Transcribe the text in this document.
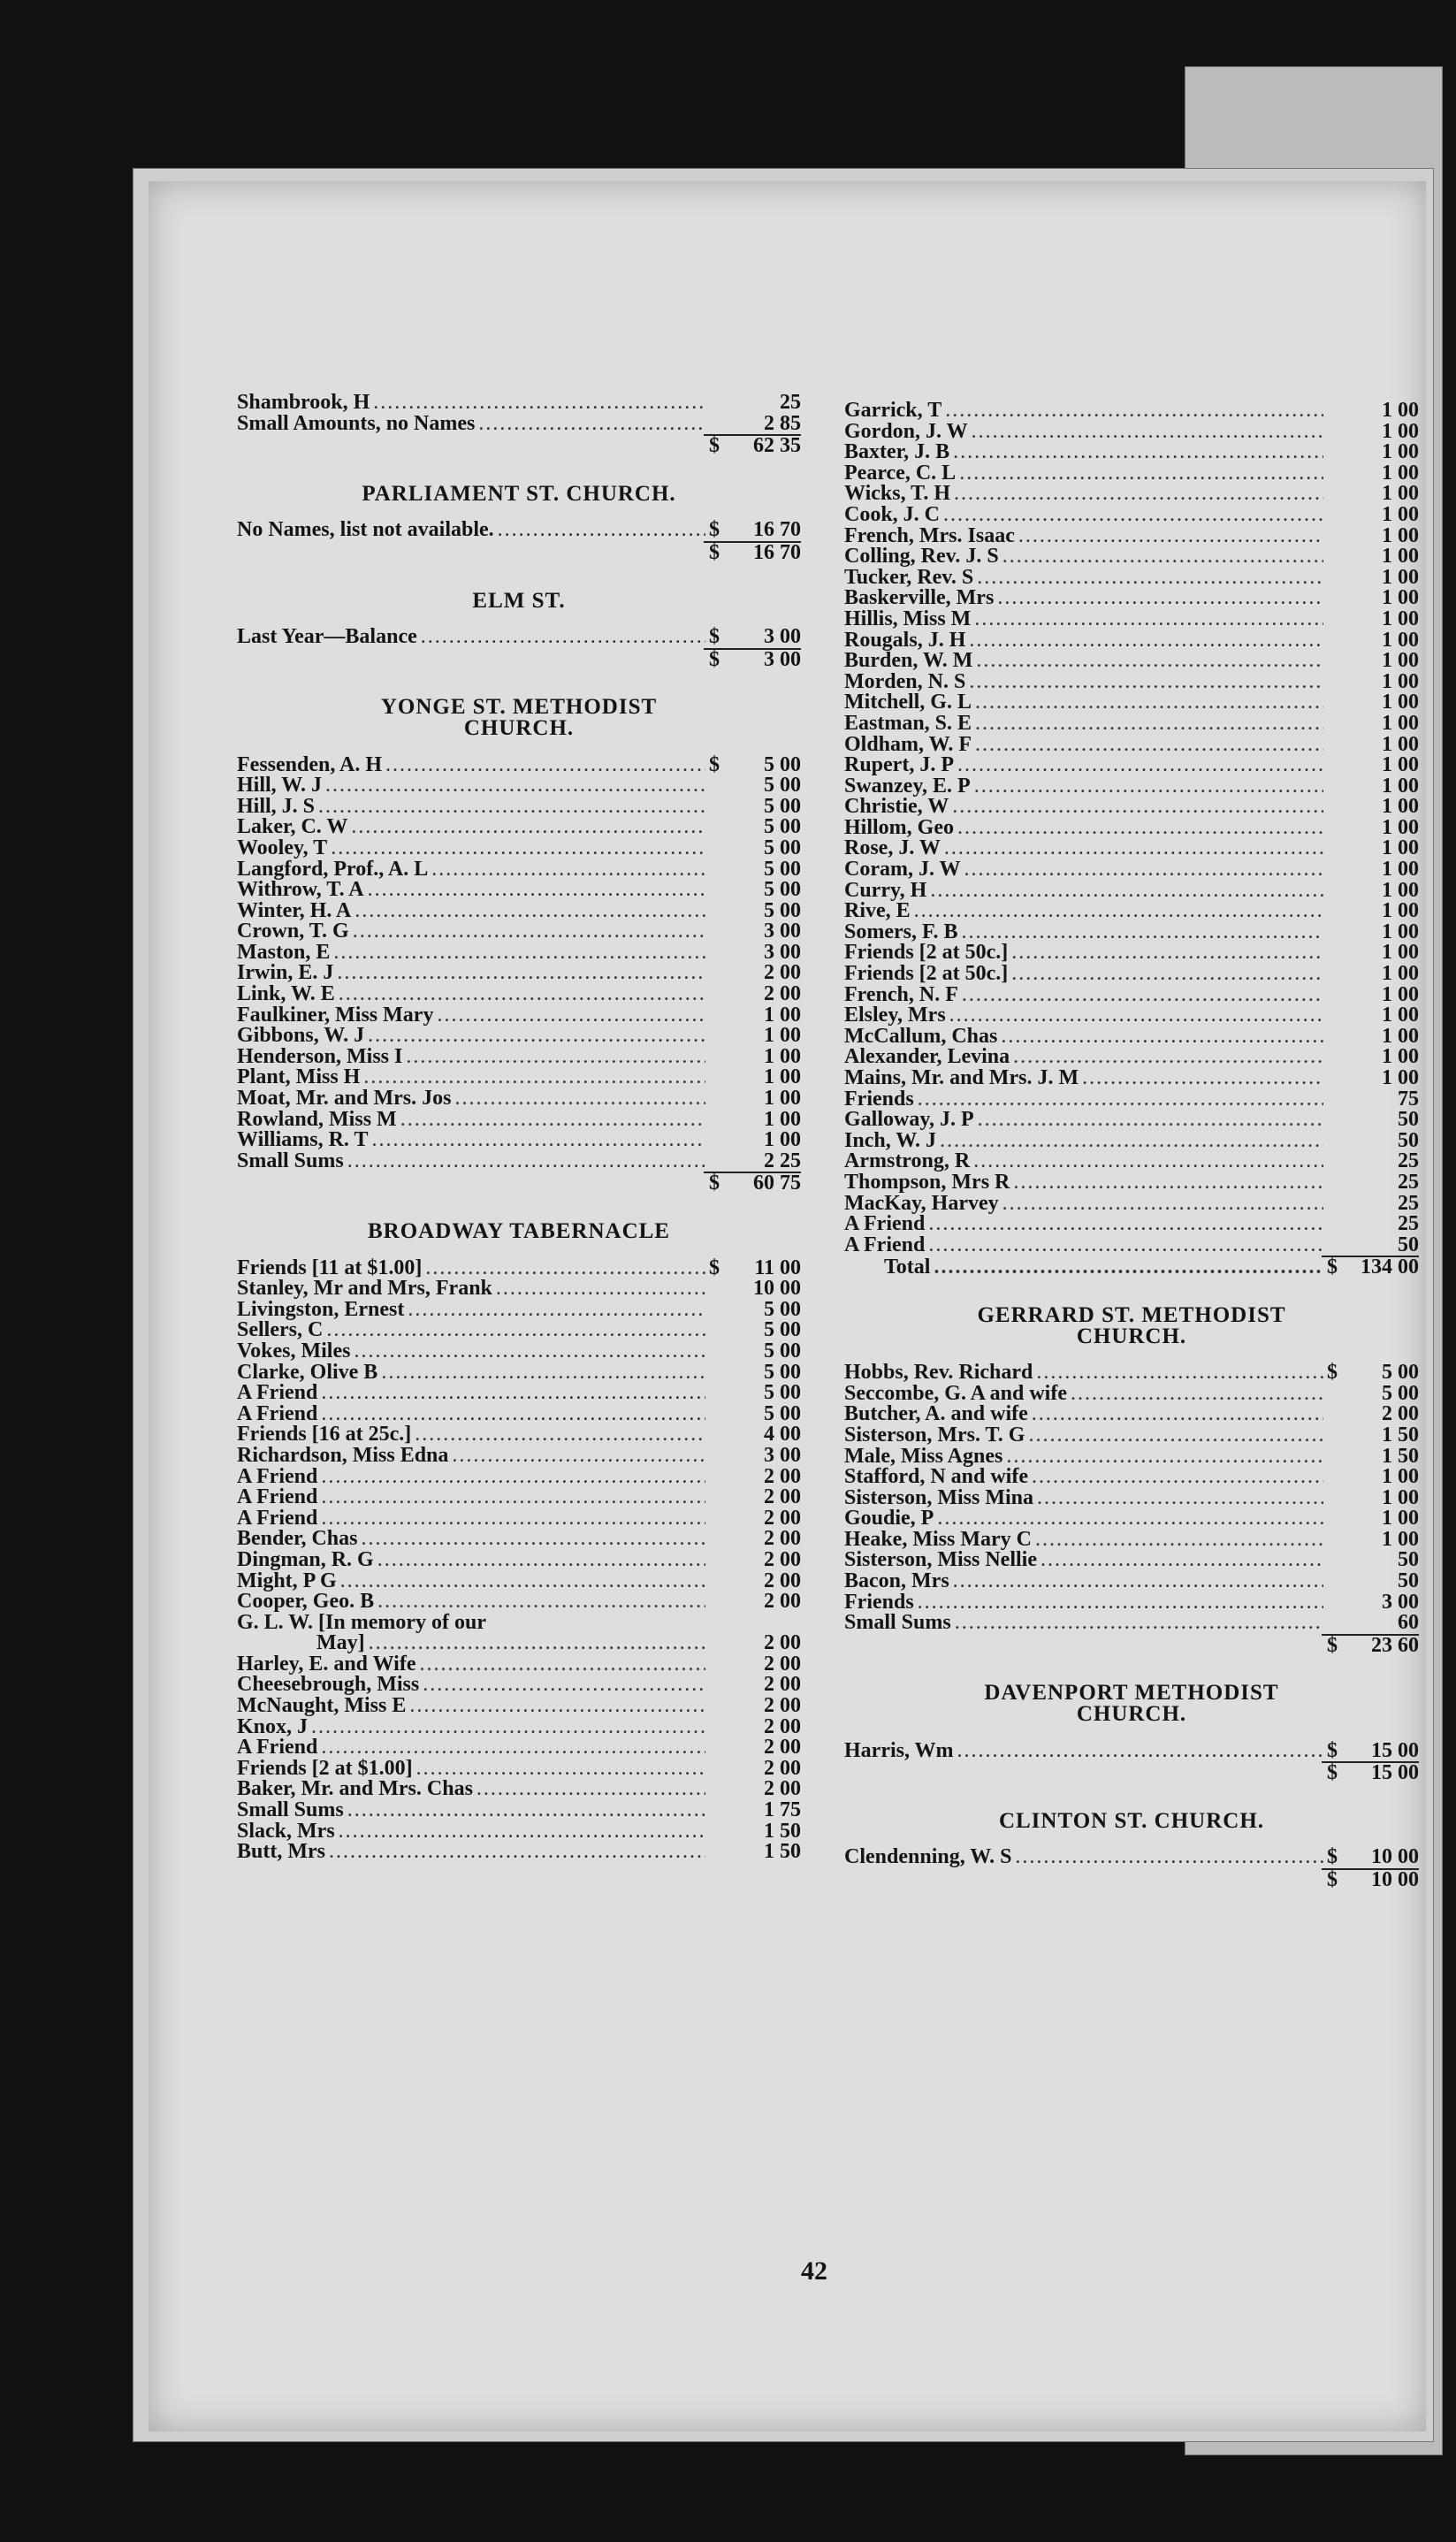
Shambrook, H .....	25
Small Amounts, no Names .....	2 85
$	62 35
PARLIAMENT ST. CHURCH.
No Names, list not available. .....	$	16 70
$	16 70
ELM ST.
Last Year—Balance .....	$	3 00
$	3 00
YONGE ST. METHODIST
CHURCH.
Fessenden, A. H .....	$	5 00
Hill, W. J .....	5 00
Hill, J. S .....	5 00
Laker, C. W .....	5 00
Wooley, T .....	5 00
Langford, Prof., A. L .....	5 00
Withrow, T. A .....	5 00
Winter, H. A .....	5 00
Crown, T. G .....	3 00
Maston, E .....	3 00
Irwin, E. J .....	2 00
Link, W. E .....	2 00
Faulkiner, Miss Mary .....	1 00
Gibbons, W. J .....	1 00
Henderson, Miss I .....	1 00
Plant, Miss H .....	1 00
Moat, Mr. and Mrs. Jos .....	1 00
Rowland, Miss M .....	1 00
Williams, R. T .....	1 00
Small Sums .....	2 25
$	60 75
BROADWAY TABERNACLE
Friends [11 at $1.00] .....	$	11 00
Stanley, Mr and Mrs, Frank .....	10 00
Livingston, Ernest .....	5 00
Sellers, C .....	5 00
Vokes, Miles .....	5 00
Clarke, Olive B .....	5 00
A Friend .....	5 00
A Friend .....	5 00
Friends [16 at 25c.] .....	4 00
Richardson, Miss Edna .....	3 00
A Friend .....	2 00
A Friend .....	2 00
A Friend .....	2 00
Bender, Chas .....	2 00
Dingman, R. G .....	2 00
Might, P G .....	2 00
Cooper, Geo. B .....	2 00
G. L. W. [In memory of our
May] .....	2 00
Harley, E. and Wife .....	2 00
Cheesebrough, Miss .....	2 00
McNaught, Miss E .....	2 00
Knox, J .....	2 00
A Friend .....	2 00
Friends [2 at $1.00] .....	2 00
Baker, Mr. and Mrs. Chas .....	2 00
Small Sums .....	1 75
Slack, Mrs .....	1 50
Butt, Mrs .....	1 50
Garrick, T .....	1 00
Gordon, J. W .....	1 00
Baxter, J. B .....	1 00
Pearce, C. L .....	1 00
Wicks, T. H .....	1 00
Cook, J. C .....	1 00
French, Mrs. Isaac .....	1 00
Colling, Rev. J. S .....	1 00
Tucker, Rev. S .....	1 00
Baskerville, Mrs .....	1 00
Hillis, Miss M .....	1 00
Rougals, J. H .....	1 00
Burden, W. M .....	1 00
Morden, N. S .....	1 00
Mitchell, G. L .....	1 00
Eastman, S. E .....	1 00
Oldham, W. F .....	1 00
Rupert, J. P .....	1 00
Swanzey, E. P .....	1 00
Christie, W .....	1 00
Hillom, Geo .....	1 00
Rose, J. W .....	1 00
Coram, J. W .....	1 00
Curry, H .....	1 00
Rive, E .....	1 00
Somers, F. B .....	1 00
Friends [2 at 50c.] .....	1 00
Friends [2 at 50c.] .....	1 00
French, N. F .....	1 00
Elsley, Mrs .....	1 00
McCallum, Chas .....	1 00
Alexander, Levina .....	1 00
Mains, Mr. and Mrs. J. M .....	1 00
Friends .....	75
Galloway, J. P .....	50
Inch, W. J .....	50
Armstrong, R .....	25
Thompson, Mrs R .....	25
MacKay, Harvey .....	25
A Friend .....	25
A Friend .....	50
Total .....	$	134 00
GERRARD ST. METHODIST
CHURCH.
Hobbs, Rev. Richard .....	$	5 00
Seccombe, G. A and wife .....	5 00
Butcher, A. and wife .....	2 00
Sisterson, Mrs. T. G .....	1 50
Male, Miss Agnes .....	1 50
Stafford, N and wife .....	1 00
Sisterson, Miss Mina .....	1 00
Goudie, P .....	1 00
Heake, Miss Mary C .....	1 00
Sisterson, Miss Nellie .....	50
Bacon, Mrs .....	50
Friends .....	3 00
Small Sums .....	60
$	23 60
DAVENPORT METHODIST
CHURCH.
Harris, Wm .....	$	15 00
$	15 00
CLINTON ST. CHURCH.
Clendenning, W. S .....	$	10 00
$	10 00
42
